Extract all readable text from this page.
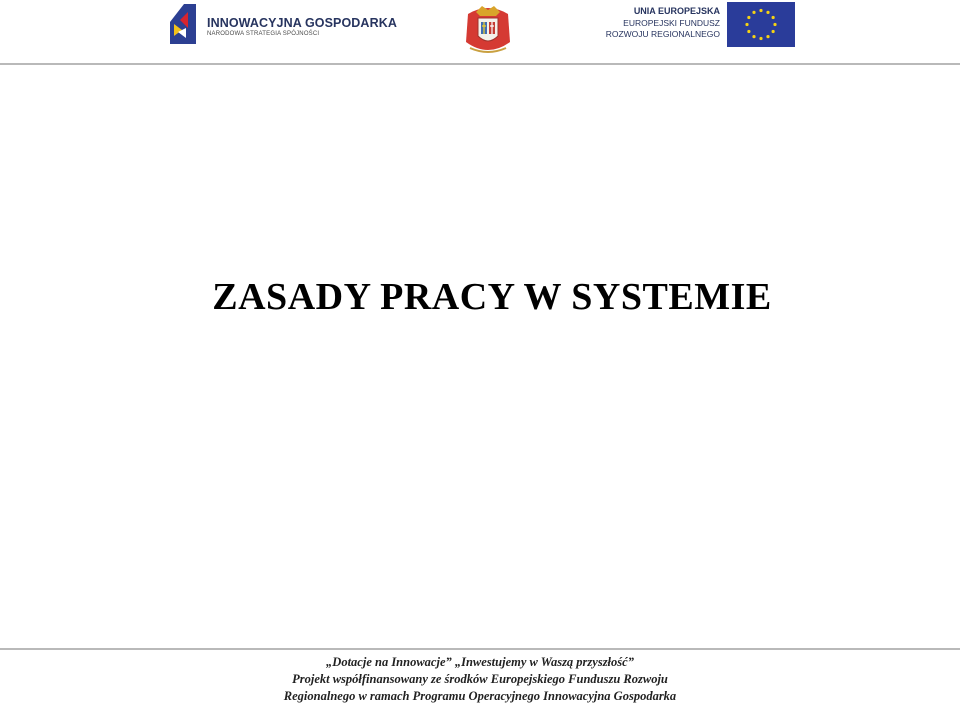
INNOWACYJNA GOSPODARKA
NARODOWA STRATEGIA SPÓJNOŚCI
UNIA EUROPEJSKA
EUROPEJSKI FUNDUSZ
ROZWOJU REGIONALNEGO
ZASADY PRACY W SYSTEMIE
„Dotacje na Innowacje” „Inwestujemy w Waszą przyszłość”
Projekt współfinansowany ze środków Europejskiego Funduszu Rozwoju
Regionalnego w ramach Programu Operacyjnego Innowacyjna Gospodarka
